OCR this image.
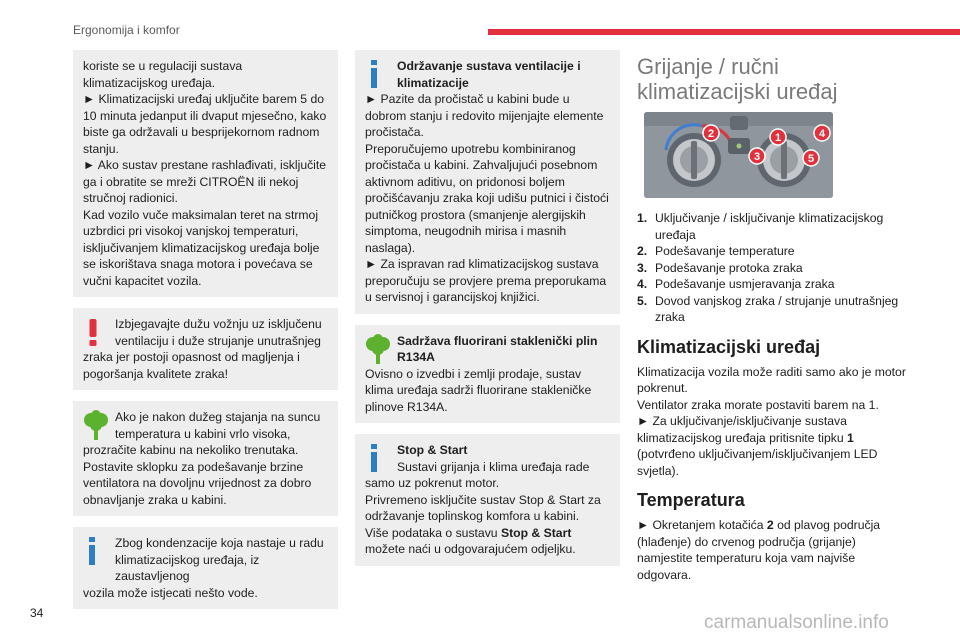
Ergonomija i komfor

koriste se u regulaciji sustava klimatizacijskog uređaja.

► Klimatizacijski uređaj uključite barem 5 do 10 minuta jedanput ili dvaput mjesečno, kako biste ga održavali u besprijekornom radnom stanju.

► Ako sustav prestane rashlađivati, isključite ga i obratite se mreži CITROËN ili nekoj stručnoj radionici.

Kad vozilo vuče maksimalan teret na strmoj uzbrdici pri visokoj vanjskoj temperaturi, isključivanjem klimatizacijskog uređaja bolje se iskorištava snaga motora i povećava se vučni kapacitet vozila.

Izbjegavajte dužu vožnju uz isključenu ventilaciju i duže strujanje unutrašnjeg

zraka jer postoji opasnost od magljenja i pogoršanja kvalitete zraka!

Ako je nakon dužeg stajanja na suncu temperatura u kabini vrlo visoka,

prozračite kabinu na nekoliko trenutaka. Postavite sklopku za podešavanje brzine ventilatora na dovoljnu vrijednost za dobro obnavljanje zraka u kabini.

Zbog kondenzacije koja nastaje u radu klimatizacijskog uređaja, iz zaustavljenog

vozila može istjecati nešto vode.

Održavanje sustava ventilacije i klimatizacije

► Pazite da pročistač u kabini bude u dobrom stanju i redovito mijenjajte elemente pročistača.

Preporučujemo upotrebu kombiniranog pročistača u kabini. Zahvaljujući posebnom aktivnom aditivu, on pridonosi boljem pročišćavanju zraka koji udišu putnici i čistoći putničkog prostora (smanjenje alergijskih simptoma, neugodnih mirisa i masnih naslaga).

► Za ispravan rad klimatizacijskog sustava preporučuju se provjere prema preporukama u servisnoj i garancijskoj knjižici.

Sadržava fluorirani staklenički plin R134A

Ovisno o izvedbi i zemlji prodaje, sustav klima uređaja sadrži fluorirane stakleničke plinove R134A.

Stop & Start

Sustavi grijanja i klima uređaja rade

samo uz pokrenut motor.

Privremeno isključite sustav Stop & Start za održavanje toplinskog komfora u kabini.

Više podataka o sustavu Stop & Start
možete naći u odgovarajućem odjeljku.

Grijanje / ručni klimatizacijski uređaj
1
2
3
4
5
1. Uključivanje / isključivanje klimatizacijskog uređaja
2. Podešavanje temperature
3. Podešavanje protoka zraka
4. Podešavanje usmjeravanja zraka
5. Dovod vanjskog zraka / strujanje unutrašnjeg zraka
Klimatizacijski uređaj

Klimatizacija vozila može raditi samo ako je motor pokrenut.

Ventilator zraka morate postaviti barem na 1.

► Za uključivanje/isključivanje sustava klimatizacijskog uređaja pritisnite tipku 1 (potvrđeno uključivanjem/isključivanjem LED svjetla).

Temperatura

► Okretanjem kotačića 2 od plavog područja (hlađenje) do crvenog područja (grijanje) namjestite temperaturu koja vam najviše odgovara.

34	carmanualsonline.info
